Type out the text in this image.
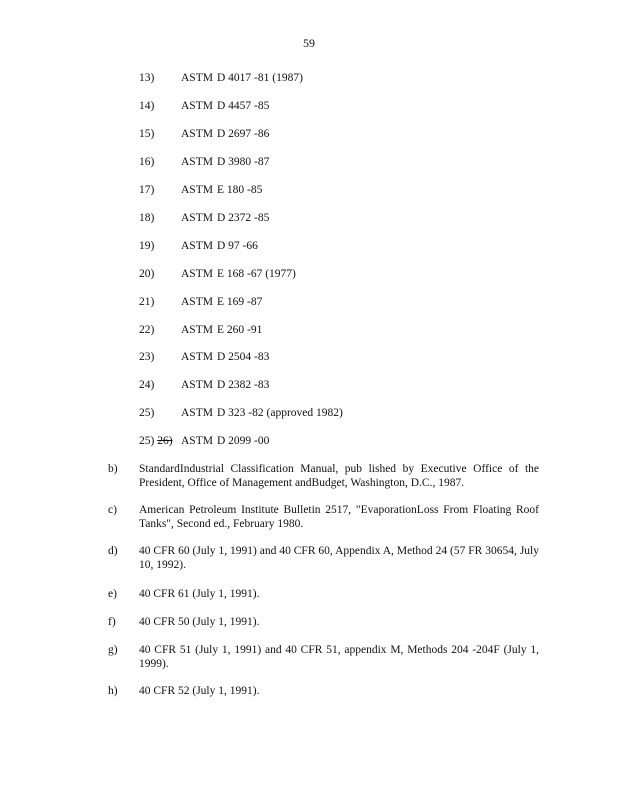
59
13) ASTM D 4017 -81 (1987)
14) ASTM D 4457 -85
15) ASTM D 2697 -86
16) ASTM D 3980 -87
17) ASTM E 180 -85
18) ASTM D 2372 -85
19) ASTM D 97 -66
20) ASTM E 168 -67 (1977)
21) ASTM E 169 -87
22) ASTM E 260 -91
23) ASTM D 2504 -83
24) ASTM D 2382 -83
25) ASTM D 323 -82 (approved 1982)
25) 26) ASTM D 2099 -00
b) StandardIndustrial Classification Manual, pub lished by Executive Office of the President, Office of Management andBudget, Washington, D.C., 1987.
c) American Petroleum Institute Bulletin 2517, "EvaporationLoss From Floating Roof Tanks", Second ed., February 1980.
d) 40 CFR 60 (July 1, 1991) and 40 CFR 60, Appendix A, Method 24 (57 FR 30654, July 10, 1992).
e) 40 CFR 61 (July 1, 1991).
f) 40 CFR 50 (July 1, 1991).
g) 40 CFR 51 (July 1, 1991) and 40 CFR 51, appendix M, Methods 204 -204F (July 1, 1999).
h) 40 CFR 52 (July 1, 1991).
